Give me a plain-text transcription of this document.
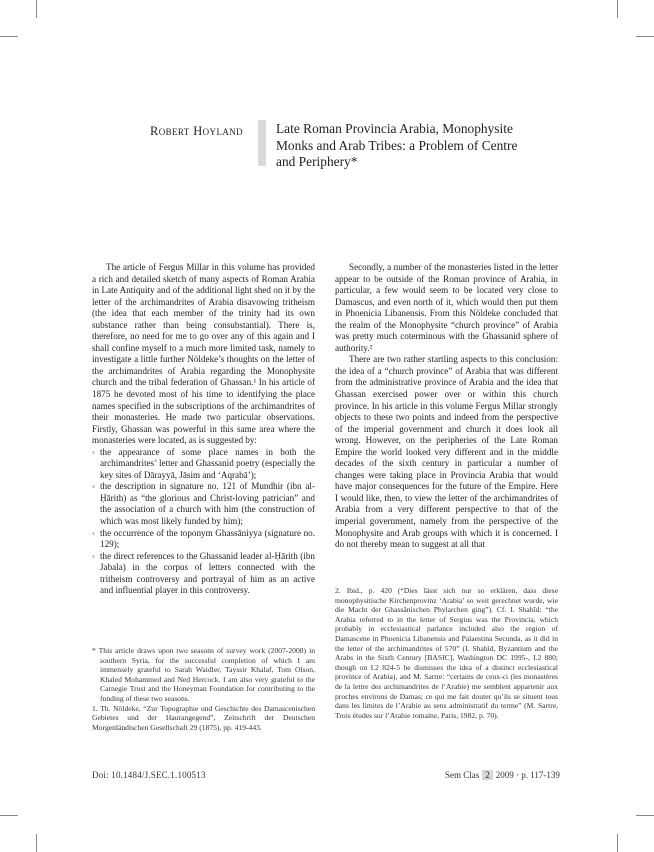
Robert Hoyland Late Roman Provincia Arabia, Monophysite Monks and Arab Tribes: a Problem of Centre and Periphery*

The article of Fergus Millar in this volume has provided a rich and detailed sketch of many aspects of Roman Arabia in Late Antiquity and of the additional light shed on it by the letter of the archimandrites of Arabia disavowing tritheism (the idea that each member of the trinity had its own substance rather than being consubstantial). There is, therefore, no need for me to go over any of this again and I shall confine myself to a much more limited task, namely to investigate a little further Nöldeke’s thoughts on the letter of the archimandrites of Arabia regarding the Monophysite church and the tribal federation of Ghassan.¹ In his article of 1875 he devoted most of his time to identifying the place names specified in the subscriptions of the archimandrites of their monasteries. He made two particular observations. Firstly, Ghassan was powerful in this same area where the monasteries were located, as is suggested by:

◦ the appearance of some place names in both the archimandrites’ letter and Ghassanid poetry (especially the key sites of Dārayyā, Jāsim and ‘Aqrabā’);
◦ the description in signature no. 121 of Mundhir (ibn al-Ḥārith) as “the glorious and Christ-loving patrician” and the association of a church with him (the construction of which was most likely funded by him);
◦ the occurrence of the toponym Ghassāniyya (signature no. 129);
◦ the direct references to the Ghassanid leader al-Ḥārith (ibn Jabala) in the corpus of letters connected with the tritheism controversy and portrayal of him as an active and influential player in this controversy.

Secondly, a number of the monasteries listed in the letter appear to be outside of the Roman province of Arabia, in particular, a few would seem to be located very close to Damascus, and even north of it, which would then put them in Phoenicia Libanensis. From this Nöldeke concluded that the realm of the Monophysite “church province” of Arabia was pretty much coterminous with the Ghassanid sphere of authority.²

There are two rather startling aspects to this conclusion: the idea of a “church province” of Arabia that was different from the administrative province of Arabia and the idea that Ghassan exercised power over or within this church province. In his article in this volume Fergus Millar strongly objects to these two points and indeed from the perspective of the imperial government and church it does look all wrong. However, on the peripheries of the Late Roman Empire the world looked very different and in the middle decades of the sixth century in particular a number of changes were taking place in Provincia Arabia that would have major consequences for the future of the Empire. Here I would like, then, to view the letter of the archimandrites of Arabia from a very different perspective to that of the imperial government, namely from the perspective of the Monophysite and Arab groups with which it is concerned. I do not thereby mean to suggest at all that

* This article draws upon two seasons of survey work (2007-2008) in southern Syria, for the successful completion of which I am immensely grateful to Sarah Waidler, Tayssir Khalaf, Tom Olson, Khaled Mohammed and Ned Hercock. I am also very grateful to the Carnegie Trust and the Honeyman Foundation for contributing to the funding of these two seasons.

1. Th. Nöldeke, “Zur Topographie und Geschichte des Damascenischen Gebietes und der Haurangegend”, Zeitschrift der Deutschen Morgenländischen Gesellschaft 29 (1875), pp. 419-443.

2. Ibid., p. 420 (“Dies lässt sich nur so erklären, dass diese monophysitische Kirchenprovinz ‘Arabia’ so weit gerechnet wurde, wie die Macht der Ghassânischen Phylarchen ging”). Cf. I. Shahîd: “the Arabia referred to in the letter of Sergius was the Provincia, which probably in ecclesiastical parlance included also the region of Damascene in Phoenicia Libanensis and Palaestina Secunda, as it did in the letter of the archimandrites of 570” (I. Shahîd, Byzantium and the Arabs in the Sixth Century [BASIC], Washington DC 1995-, I.2 880; though on I.2 824-5 he dismisses the idea of a distinct ecclesiastical province of Arabia), and M. Sartre: “certains de ceux-ci (les monastères de la lettre des archimandrites de l’Arabie) me semblent appartenir aux proches environs de Damas; ce qui me fait douter qu’ils se situent tous dans les limites de l’Arabie au sens administratif du terme” (M. Sartre, Trois études sur l’Arabie romaine, Paris, 1982, p. 70).

Doi: 10.1484/J.SEC.1.100513	Sem Clas 2 2009 · p. 117-139
